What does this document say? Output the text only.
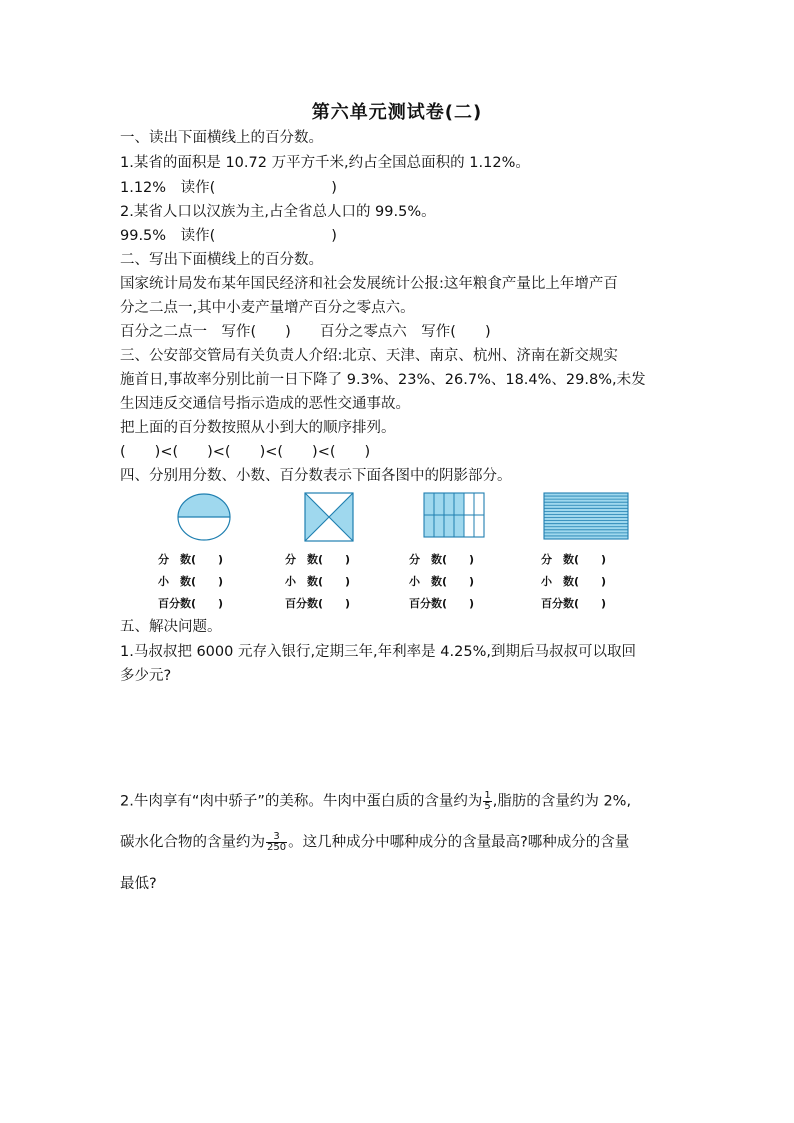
第六单元测试卷(二)
一、读出下面横线上的百分数。
1.某省的面积是 10.72 万平方千米,约占全国总面积的 1.12%。
1.12%　读作(　　　　　　　　)
2.某省人口以汉族为主,占全省总人口的 99.5%。
99.5%　读作(　　　　　　　　)
二、写出下面横线上的百分数。
国家统计局发布某年国民经济和社会发展统计公报:这年粮食产量比上年增产百
分之二点一,其中小麦产量增产百分之零点六。
百分之二点一　写作(　　)　　百分之零点六　写作(　　)
三、公安部交管局有关负责人介绍:北京、天津、南京、杭州、济南在新交规实
施首日,事故率分别比前一日下降了 9.3%、23%、26.7%、18.4%、29.8%,未发
生因违反交通信号指示造成的恶性交通事故。
把上面的百分数按照从小到大的顺序排列。
(　　)<(　　)<(　　)<(　　)<(　　)
四、分别用分数、小数、百分数表示下面各图中的阴影部分。
分　数(　　)
小　数(　　)
百分数(　　)
分　数(　　)
小　数(　　)
百分数(　　)
分　数(　　)
小　数(　　)
百分数(　　)
分　数(　　)
小　数(　　)
百分数(　　)
五、解决问题。
1.马叔叔把 6000 元存入银行,定期三年,年利率是 4.25%,到期后马叔叔可以取回
多少元?
2.牛肉享有“肉中骄子”的美称。牛肉中蛋白质的含量约为 $\frac{1}{5}$ ,脂肪的含量约为 2%,
碳水化合物的含量约为 $\frac{3}{250}$ 。这几种成分中哪种成分的含量最高?哪种成分的含量
最低?
